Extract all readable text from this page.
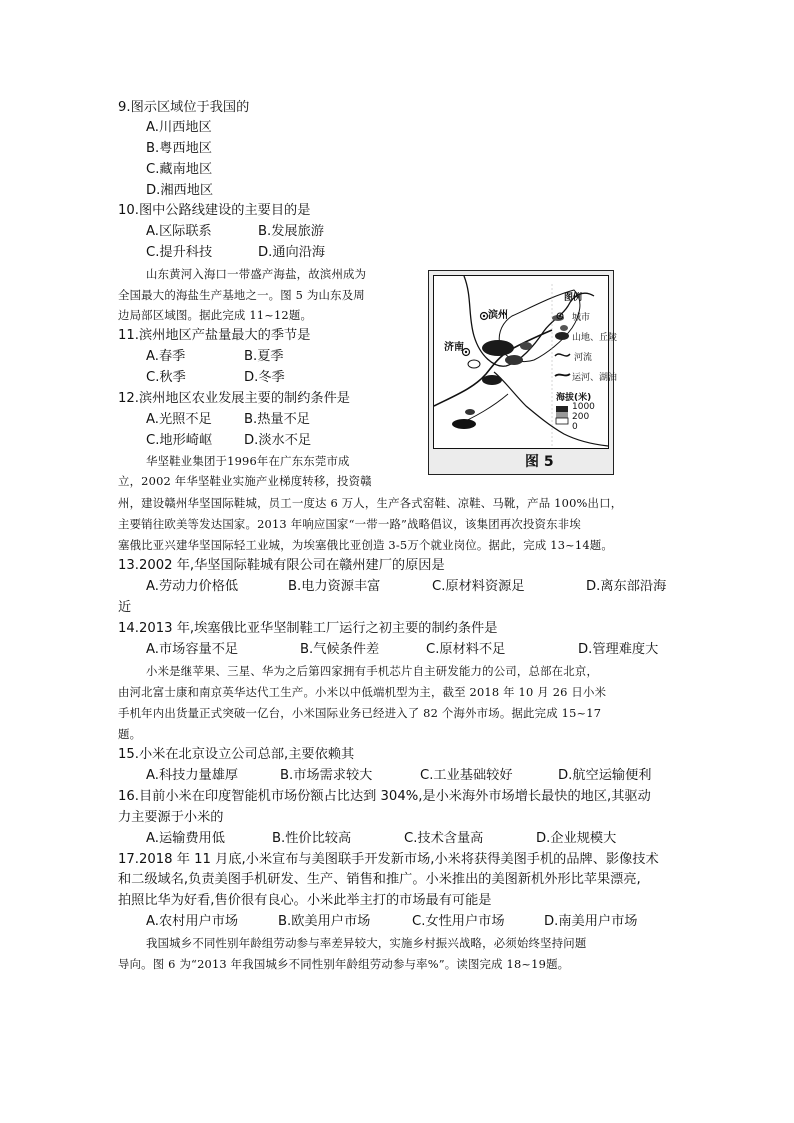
9.图示区域位于我国的
A.川西地区
B.粤西地区
C.藏南地区
D.湘西地区
10.图中公路线建设的主要目的是
A.区际联系	B.发展旅游
C.提升科技	D.通向沿海
山东黄河入海口一带盛产海盐，故滨州成为
全国最大的海盐生产基地之一。图 5 为山东及周
边局部区域图。据此完成 11~12题。
11.滨州地区产盐量最大的季节是
A.春季	B.夏季
C.秋季	D.冬季
12.滨州地区农业发展主要的制约条件是
A.光照不足 B.热量不足
C.地形崎岖 D.淡水不足
滨州
济南
图例
城市
山地、丘陵
河流
运河、湖泊
海拔(米)
1000
200
0
图 5
华坚鞋业集团于1996年在广东东莞市成
立，2002 年华坚鞋业实施产业梯度转移，投资赣
州，建设赣州华坚国际鞋城，员工一度达 6 万人，生产各式窑鞋、凉鞋、马靴，产品 100%出口，
主要销往欧美等发达国家。2013 年响应国家“一带一路”战略倡议，该集团再次投资东非埃
塞俄比亚兴建华坚国际轻工业城，为埃塞俄比亚创造 3-5万个就业岗位。据此，完成 13~14题。
13.2002 年,华坚国际鞋城有限公司在赣州建厂的原因是
A.劳动力价格低	B.电力资源丰富	C.原材料资源足	D.离东部沿海
近
14.2013 年,埃塞俄比亚华坚制鞋工厂运行之初主要的制约条件是
A.市场容量不足	B.气候条件差	C.原材料不足	D.管理难度大
小米是继苹果、三星、华为之后第四家拥有手机芯片自主研发能力的公司，总部在北京，
由河北富士康和南京英华达代工生产。小米以中低端机型为主，截至 2018 年 10 月 26 日小米
手机年内出货量正式突破一亿台，小米国际业务已经进入了 82 个海外市场。据此完成 15~17
题。
15.小米在北京设立公司总部,主要依赖其
A.科技力量雄厚	B.市场需求较大	C.工业基础较好	D.航空运输便利
16.目前小米在印度智能机市场份额占比达到 304%,是小米海外市场增长最快的地区,其驱动
力主要源于小米的
A.运输费用低	B.性价比较高	C.技术含量高	D.企业规模大
17.2018 年 11 月底,小米宣布与美图联手开发新市场,小米将获得美图手机的品牌、影像技术
和二级域名,负责美图手机研发、生产、销售和推广。小米推出的美图新机外形比苹果漂亮,
拍照比华为好看,售价很有良心。小米此举主打的市场最有可能是
A.农村用户市场	B.欧美用户市场	C.女性用户市场	D.南美用户市场
我国城乡不同性别年龄组劳动参与率差异较大，实施乡村振兴战略，必须始终坚持问题
导向。图 6 为“2013 年我国城乡不同性别年龄组劳动参与率%”。读图完成 18~19题。
